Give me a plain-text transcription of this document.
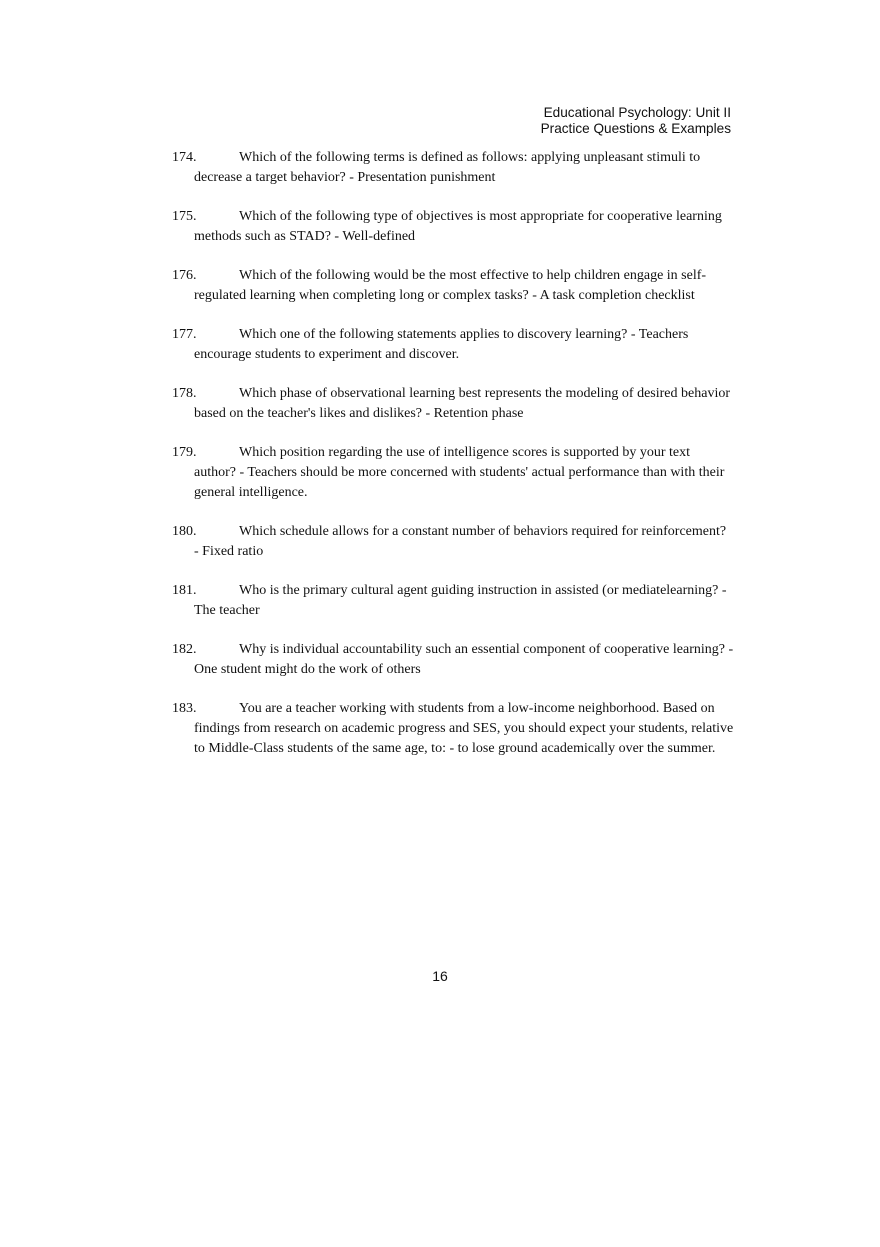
Educational Psychology: Unit II
Practice Questions & Examples

174.	Which of the following terms is defined as follows: applying unpleasant stimuli to decrease a target behavior? - Presentation punishment

175.	Which of the following type of objectives is most appropriate for cooperative learning methods such as STAD? - Well-defined

176.	Which of the following would be the most effective to help children engage in self-regulated learning when completing long or complex tasks? - A task completion checklist

177.	Which one of the following statements applies to discovery learning? - Teachers encourage students to experiment and discover.

178.	Which phase of observational learning best represents the modeling of desired behavior based on the teacher's likes and dislikes? - Retention phase

179.	Which position regarding the use of intelligence scores is supported by your text author? - Teachers should be more concerned with students' actual performance than with their general intelligence.

180.	Which schedule allows for a constant number of behaviors required for reinforcement? - Fixed ratio

181.	Who is the primary cultural agent guiding instruction in assisted (or mediatelearning? - The teacher

182.	Why is individual accountability such an essential component of cooperative learning? - One student might do the work of others

183.	You are a teacher working with students from a low-income neighborhood. Based on findings from research on academic progress and SES, you should expect your students, relative to Middle-Class students of the same age, to: - to lose ground academically over the summer.

16
